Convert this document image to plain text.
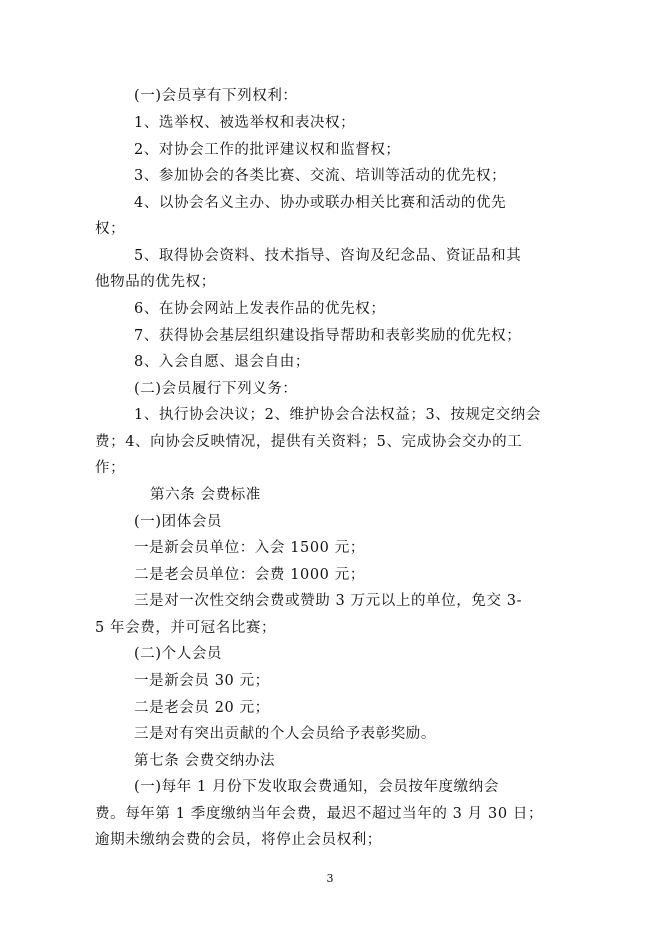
(一)会员享有下列权利：
1、选举权、被选举权和表决权；
2、对协会工作的批评建议权和监督权；
3、参加协会的各类比赛、交流、培训等活动的优先权；
4、以协会名义主办、协办或联办相关比赛和活动的优先
权；
5、取得协会资料、技术指导、咨询及纪念品、资证品和其
他物品的优先权；
6、在协会网站上发表作品的优先权；
7、获得协会基层组织建设指导帮助和表彰奖励的优先权；
8、入会自愿、退会自由；
(二)会员履行下列义务：
1、执行协会决议；2、维护协会合法权益；3、按规定交纳会
费；4、向协会反映情况，提供有关资料；5、完成协会交办的工
作；
第六条 会费标准
(一)团体会员
一是新会员单位：入会 1500 元；
二是老会员单位：会费 1000 元；
三是对一次性交纳会费或赞助 3 万元以上的单位，免交 3-
5 年会费，并可冠名比赛；
(二)个人会员
一是新会员 30 元；
二是老会员 20 元；
三是对有突出贡献的个人会员给予表彰奖励。
第七条 会费交纳办法
(一)每年 1 月份下发收取会费通知，会员按年度缴纳会
费。每年第 1 季度缴纳当年会费，最迟不超过当年的 3 月 30 日；
逾期未缴纳会费的会员，将停止会员权利；
3
